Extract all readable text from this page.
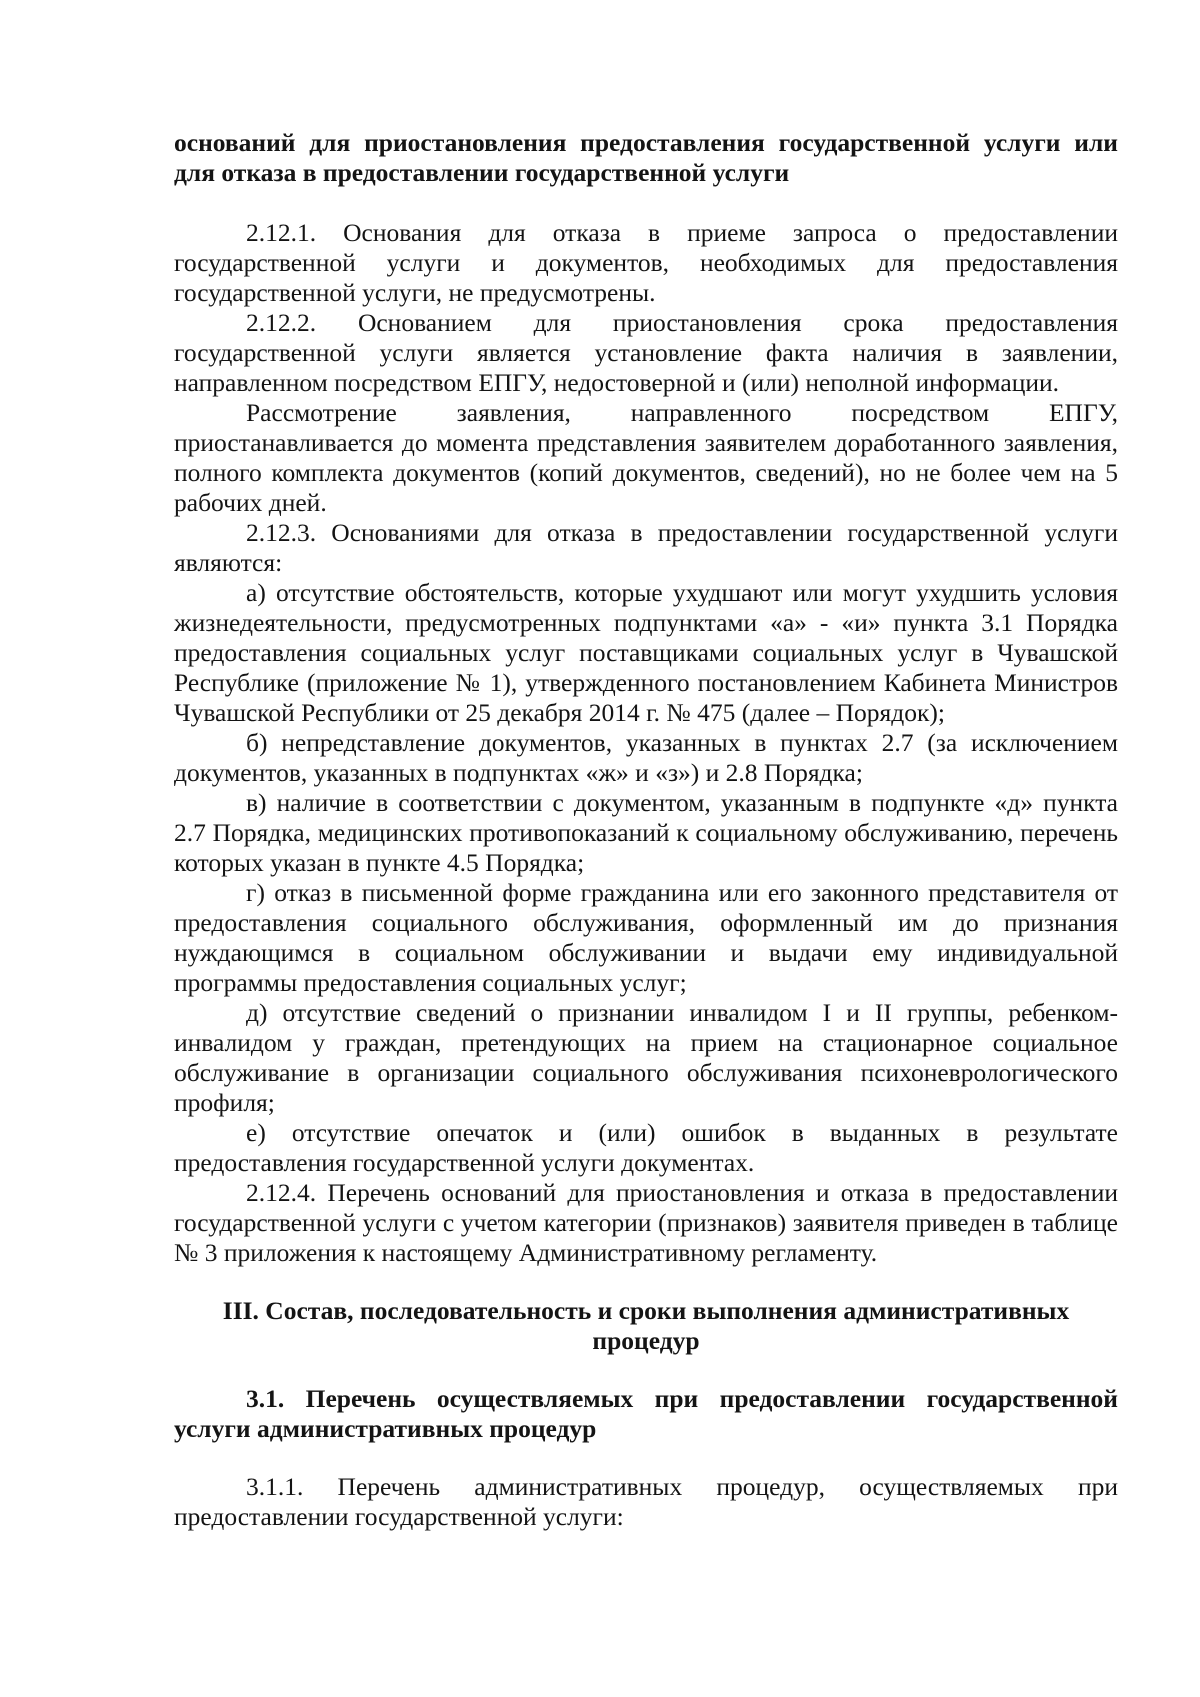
оснований для приостановления предоставления государственной услуги или для отказа в предоставлении государственной услуги

2.12.1. Основания для отказа в приеме запроса о предоставлении государственной услуги и документов, необходимых для предоставления государственной услуги, не предусмотрены.

2.12.2. Основанием для приостановления срока предоставления государственной услуги является установление факта наличия в заявлении, направленном посредством ЕПГУ, недостоверной и (или) неполной информации.

Рассмотрение заявления, направленного посредством ЕПГУ, приостанавливается до момента представления заявителем доработанного заявления, полного комплекта документов (копий документов, сведений), но не более чем на 5 рабочих дней.

2.12.3. Основаниями для отказа в предоставлении государственной услуги являются:

а) отсутствие обстоятельств, которые ухудшают или могут ухудшить условия жизнедеятельности, предусмотренных подпунктами «а» - «и» пункта 3.1 Порядка предоставления социальных услуг поставщиками социальных услуг в Чувашской Республике (приложение № 1), утвержденного постановлением Кабинета Министров Чувашской Республики от 25 декабря 2014 г. № 475 (далее – Порядок);

б) непредставление документов, указанных в пунктах 2.7 (за исключением документов, указанных в подпунктах «ж» и «з») и 2.8 Порядка;

в) наличие в соответствии с документом, указанным в подпункте «д» пункта 2.7 Порядка, медицинских противопоказаний к социальному обслуживанию, перечень которых указан в пункте 4.5 Порядка;

г) отказ в письменной форме гражданина или его законного представителя от предоставления социального обслуживания, оформленный им до признания нуждающимся в социальном обслуживании и выдачи ему индивидуальной программы предоставления социальных услуг;

д) отсутствие сведений о признании инвалидом I и II группы, ребенком-инвалидом у граждан, претендующих на прием на стационарное социальное обслуживание в организации социального обслуживания психоневрологического профиля;

е) отсутствие опечаток и (или) ошибок в выданных в результате предоставления государственной услуги документах.

2.12.4. Перечень оснований для приостановления и отказа в предоставлении государственной услуги с учетом категории (признаков) заявителя приведен в таблице № 3 приложения к настоящему Административному регламенту.

III. Состав, последовательность и сроки выполнения административных процедур

3.1. Перечень осуществляемых при предоставлении государственной услуги административных процедур

3.1.1. Перечень административных процедур, осуществляемых при предоставлении государственной услуги:
